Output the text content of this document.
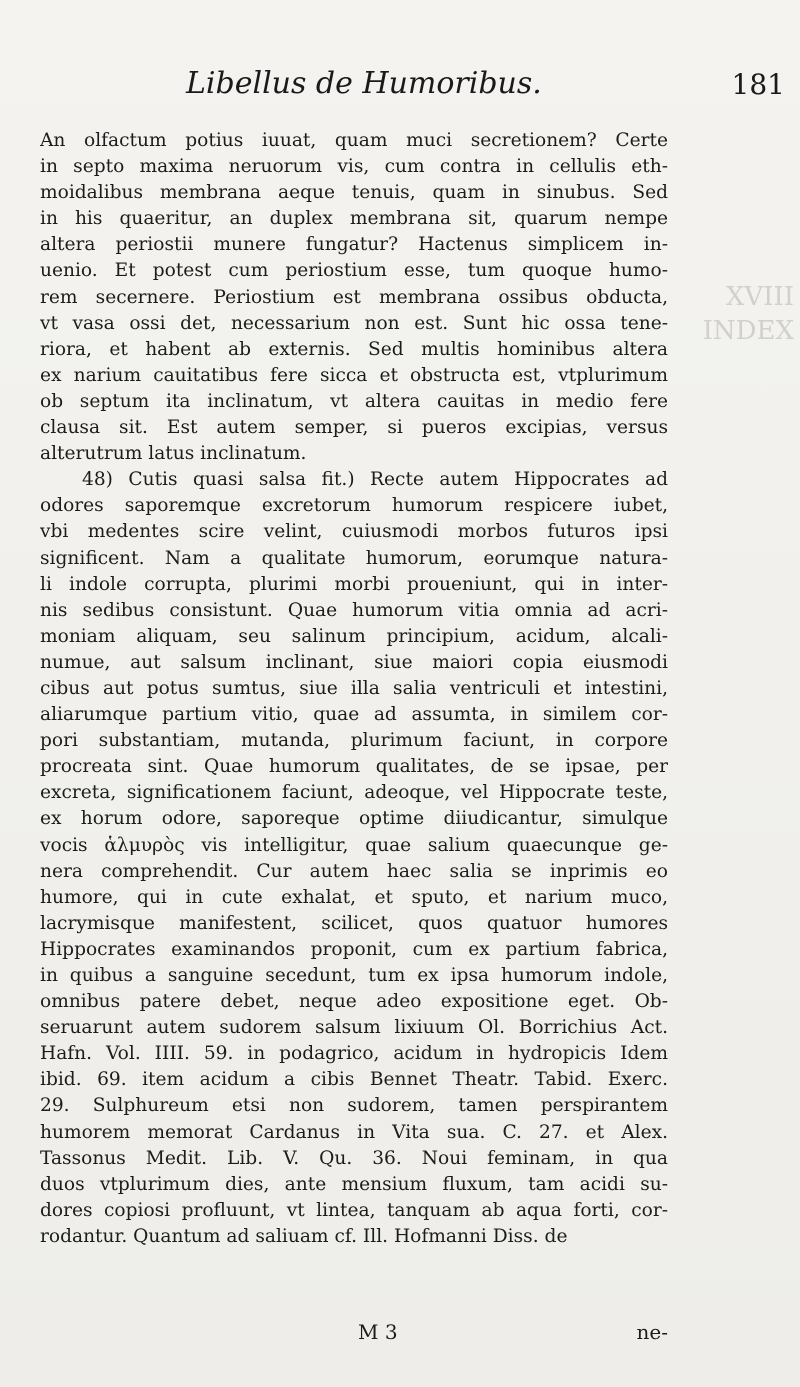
XVIII
INDEX
Libellus de Humoribus.	181
An olfactum potius iuuat, quam muci secretionem? Certe
in septo maxima neruorum vis, cum contra in cellulis eth-
moidalibus membrana aeque tenuis, quam in sinubus. Sed
in his quaeritur, an duplex membrana sit, quarum nempe
altera periostii munere fungatur? Hactenus simplicem in-
uenio. Et potest cum periostium esse, tum quoque humo-
rem secernere. Periostium est membrana ossibus obducta,
vt vasa ossi det, necessarium non est. Sunt hic ossa tene-
riora, et habent ab externis. Sed multis hominibus altera
ex narium cauitatibus fere sicca et obstructa est, vtplurimum
ob septum ita inclinatum, vt altera cauitas in medio fere
clausa sit. Est autem semper, si pueros excipias, versus
alterutrum latus inclinatum.
48) Cutis quasi salsa fit.) Recte autem Hippocrates ad
odores saporemque excretorum humorum respicere iubet,
vbi medentes scire velint, cuiusmodi morbos futuros ipsi
significent. Nam a qualitate humorum, eorumque natura-
li indole corrupta, plurimi morbi proueniunt, qui in inter-
nis sedibus consistunt. Quae humorum vitia omnia ad acri-
moniam aliquam, seu salinum principium, acidum, alcali-
numue, aut salsum inclinant, siue maiori copia eiusmodi
cibus aut potus sumtus, siue illa salia ventriculi et intestini,
aliarumque partium vitio, quae ad assumta, in similem cor-
pori substantiam, mutanda, plurimum faciunt, in corpore
procreata sint. Quae humorum qualitates, de se ipsae, per
excreta, significationem faciunt, adeoque, vel Hippocrate teste,
ex horum odore, saporeque optime diiudicantur, simulque
vocis ἁλμυρὸς vis intelligitur, quae salium quaecunque ge-
nera comprehendit. Cur autem haec salia se inprimis eo
humore, qui in cute exhalat, et sputo, et narium muco,
lacrymisque manifestent, scilicet, quos quatuor humores
Hippocrates examinandos proponit, cum ex partium fabrica,
in quibus a sanguine secedunt, tum ex ipsa humorum indole,
omnibus patere debet, neque adeo expositione eget. Ob-
seruarunt autem sudorem salsum lixiuum Ol. Borrichius Act.
Hafn. Vol. IIII. 59. in podagrico, acidum in hydropicis Idem
ibid. 69. item acidum a cibis Bennet Theatr. Tabid. Exerc.
29. Sulphureum etsi non sudorem, tamen perspirantem
humorem memorat Cardanus in Vita sua. C. 27. et Alex.
Tassonus Medit. Lib. V. Qu. 36. Noui feminam, in qua
duos vtplurimum dies, ante mensium fluxum, tam acidi su-
dores copiosi profluunt, vt lintea, tanquam ab aqua forti, cor-
rodantur. Quantum ad saliuam cf. Ill. Hofmanni Diss. de
M 3	ne-
